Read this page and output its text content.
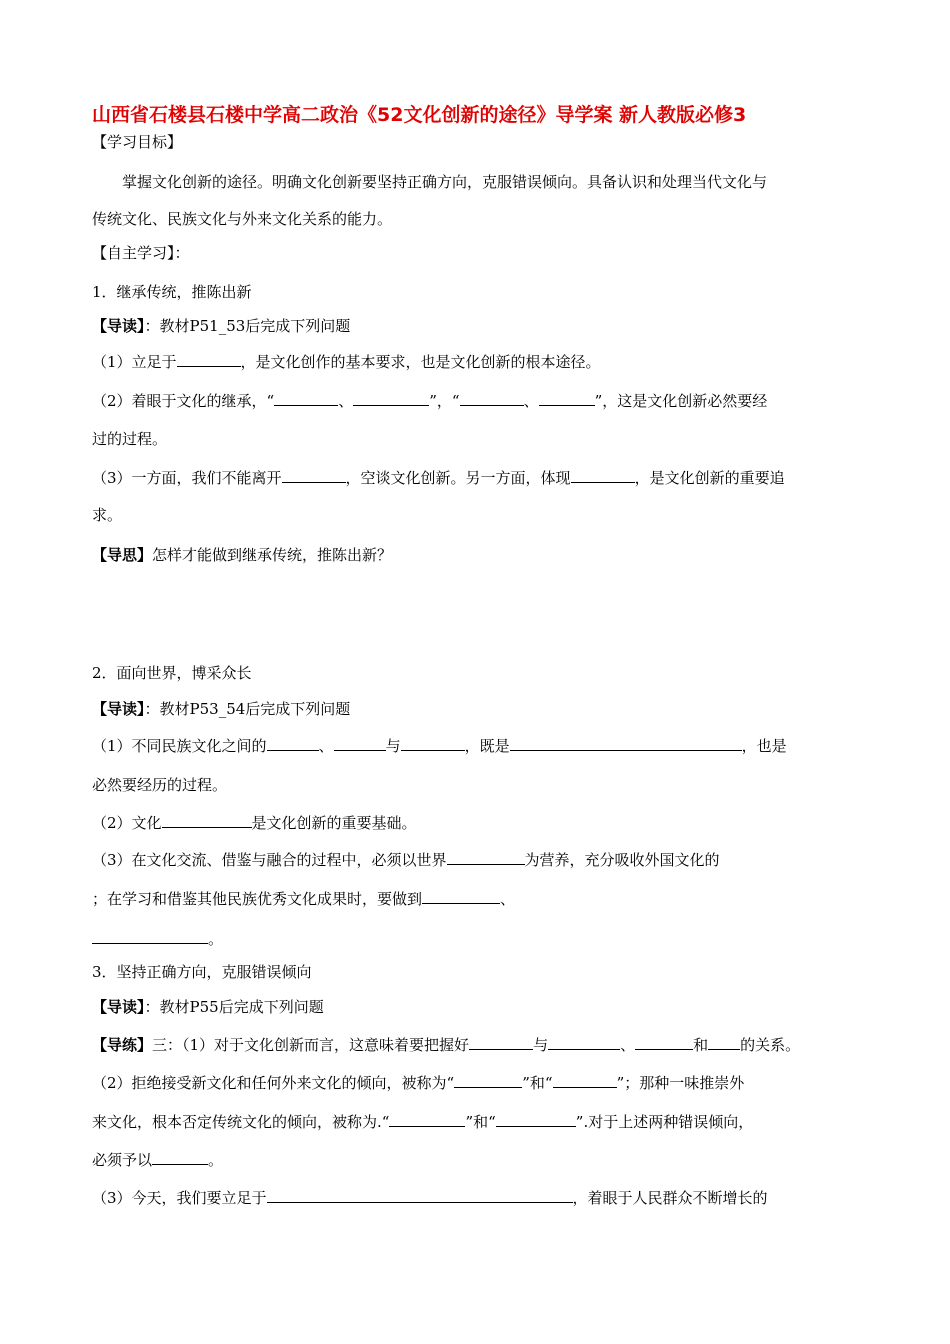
山西省石楼县石楼中学高二政治《52文化创新的途径》导学案 新人教版必修3
【学习目标】
掌握文化创新的途径。明确文化创新要坚持正确方向，克服错误倾向。具备认识和处理当代文化与
传统文化、民族文化与外来文化关系的能力。
【自主学习】：
1．继承传统，推陈出新
【导读】：教材P51_53后完成下列问题
（1）立足于	，是文化创作的基本要求，也是文化创新的根本途径。
（2）着眼于文化的继承，“	、	”，“	、	”，这是文化创新必然要经
过的过程。
（3）一方面，我们不能离开	，空谈文化创新。另一方面，体现	，是文化创新的重要追
求。
【导思】怎样才能做到继承传统，推陈出新？
2．面向世界，博采众长
【导读】：教材P53_54后完成下列问题
（1）不同民族文化之间的	、	与	，既是	，也是
必然要经历的过程。
（2）文化	是文化创新的重要基础。
（3）在文化交流、借鉴与融合的过程中，必须以世界	为营养，充分吸收外国文化的
；在学习和借鉴其他民族优秀文化成果时，要做到	、
。
3．坚持正确方向，克服错误倾向
【导读】：教材P55后完成下列问题
【导练】三：（1）对于文化创新而言，这意味着要把握好	与	、	和 的关系。
（2）拒绝接受新文化和任何外来文化的倾向，被称为“	”和“	”；那种一味推崇外
来文化，根本否定传统文化的倾向，被称为.“	”和“	”.对于上述两种错误倾向，
必须予以	。
（3）今天，我们要立足于	，着眼于人民群众不断增长的
